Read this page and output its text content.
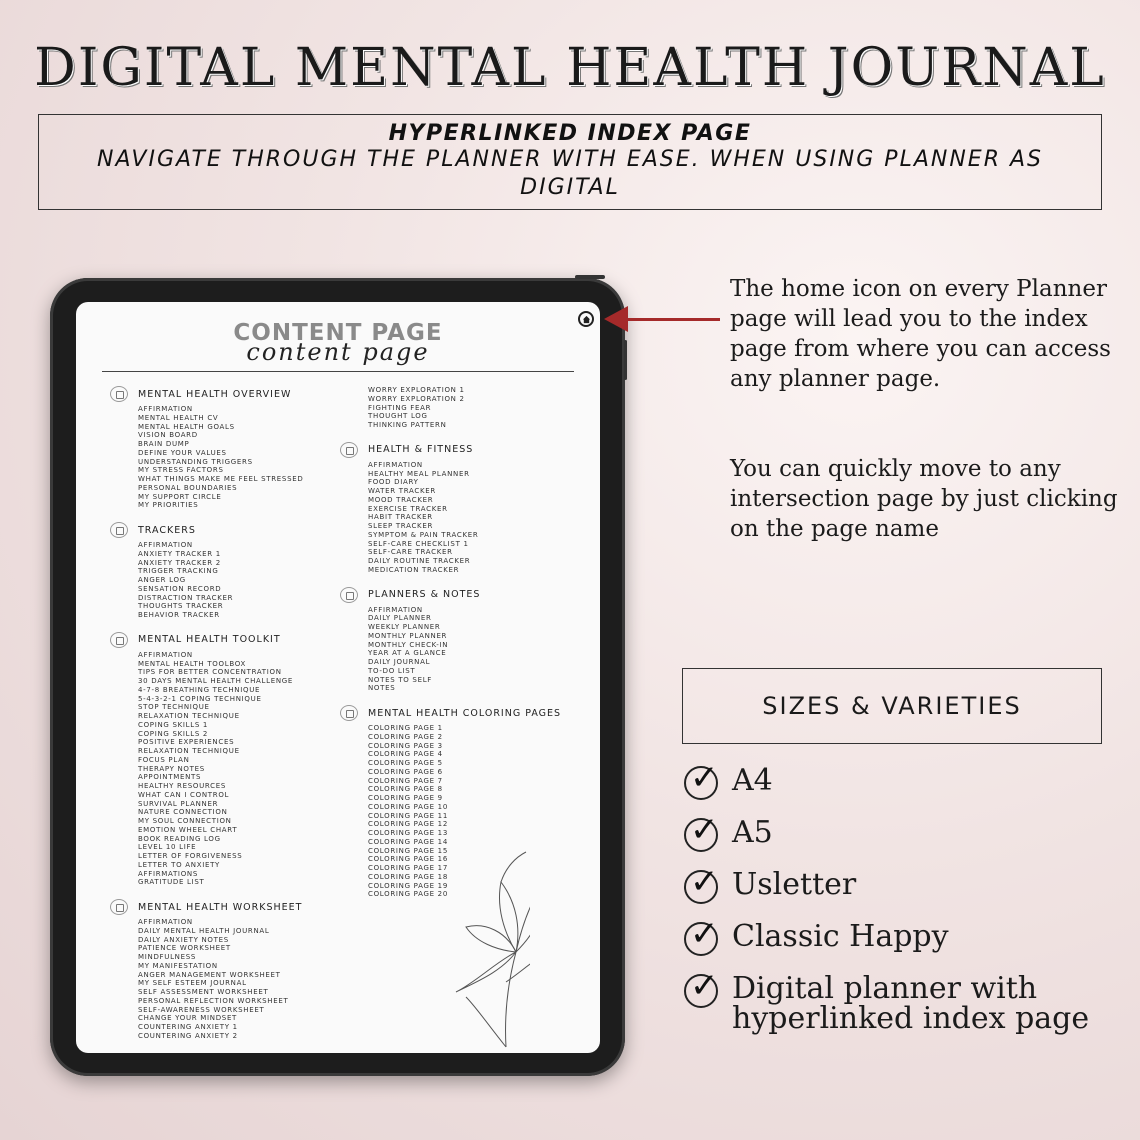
DIGITAL MENTAL HEALTH JOURNAL
HYPERLINKED INDEX PAGE
NAVIGATE THROUGH THE PLANNER WITH EASE. WHEN USING PLANNER AS DIGITAL
CONTENT PAGE
content page
MENTAL HEALTH OVERVIEW
AFFIRMATION
MENTAL HEALTH CV
MENTAL HEALTH GOALS
VISION BOARD
BRAIN DUMP
DEFINE YOUR VALUES
UNDERSTANDING TRIGGERS
MY STRESS FACTORS
WHAT THINGS MAKE ME FEEL STRESSED
PERSONAL BOUNDARIES
MY SUPPORT CIRCLE
MY PRIORITIES
TRACKERS
AFFIRMATION
ANXIETY TRACKER 1
ANXIETY TRACKER 2
TRIGGER TRACKING
ANGER LOG
SENSATION RECORD
DISTRACTION TRACKER
THOUGHTS TRACKER
BEHAVIOR TRACKER
MENTAL HEALTH TOOLKIT
AFFIRMATION
MENTAL HEALTH TOOLBOX
TIPS FOR BETTER CONCENTRATION
30 DAYS MENTAL HEALTH CHALLENGE
4-7-8 BREATHING TECHNIQUE
5-4-3-2-1 COPING TECHNIQUE
STOP TECHNIQUE
RELAXATION TECHNIQUE
COPING SKILLS 1
COPING SKILLS 2
POSITIVE EXPERIENCES
RELAXATION TECHNIQUE
FOCUS PLAN
THERAPY NOTES
APPOINTMENTS
HEALTHY RESOURCES
WHAT CAN I CONTROL
SURVIVAL PLANNER
NATURE CONNECTION
MY SOUL CONNECTION
EMOTION WHEEL CHART
BOOK READING LOG
LEVEL 10 LIFE
LETTER OF FORGIVENESS
LETTER TO ANXIETY
AFFIRMATIONS
GRATITUDE LIST
MENTAL HEALTH WORKSHEET
AFFIRMATION
DAILY MENTAL HEALTH JOURNAL
DAILY ANXIETY NOTES
PATIENCE WORKSHEET
MINDFULNESS
MY MANIFESTATION
ANGER MANAGEMENT WORKSHEET
MY SELF ESTEEM JOURNAL
SELF ASSESSMENT WORKSHEET
PERSONAL REFLECTION WORKSHEET
SELF-AWARENESS WORKSHEET
CHANGE YOUR MINDSET
COUNTERING ANXIETY 1
COUNTERING ANXIETY 2
WORRY EXPLORATION 1
WORRY EXPLORATION 2
FIGHTING FEAR
THOUGHT LOG
THINKING PATTERN
HEALTH & FITNESS
AFFIRMATION
HEALTHY MEAL PLANNER
FOOD DIARY
WATER TRACKER
MOOD TRACKER
EXERCISE TRACKER
HABIT TRACKER
SLEEP TRACKER
SYMPTOM & PAIN TRACKER
SELF-CARE CHECKLIST 1
SELF-CARE TRACKER
DAILY ROUTINE TRACKER
MEDICATION TRACKER
PLANNERS & NOTES
AFFIRMATION
DAILY PLANNER
WEEKLY PLANNER
MONTHLY PLANNER
MONTHLY CHECK-IN
YEAR AT A GLANCE
DAILY JOURNAL
TO-DO LIST
NOTES TO SELF
NOTES
MENTAL HEALTH COLORING PAGES
COLORING PAGE 1
COLORING PAGE 2
COLORING PAGE 3
COLORING PAGE 4
COLORING PAGE 5
COLORING PAGE 6
COLORING PAGE 7
COLORING PAGE 8
COLORING PAGE 9
COLORING PAGE 10
COLORING PAGE 11
COLORING PAGE 12
COLORING PAGE 13
COLORING PAGE 14
COLORING PAGE 15
COLORING PAGE 16
COLORING PAGE 17
COLORING PAGE 18
COLORING PAGE 19
COLORING PAGE 20
The home icon on every Planner page will lead you to the index page from where you can access any planner page.
You can quickly move to any intersection page by just clicking on the page name
SIZES & VARIETIES
✓
A4
✓
A5
✓
Usletter
✓
Classic Happy
✓
Digital planner with hyperlinked index page
